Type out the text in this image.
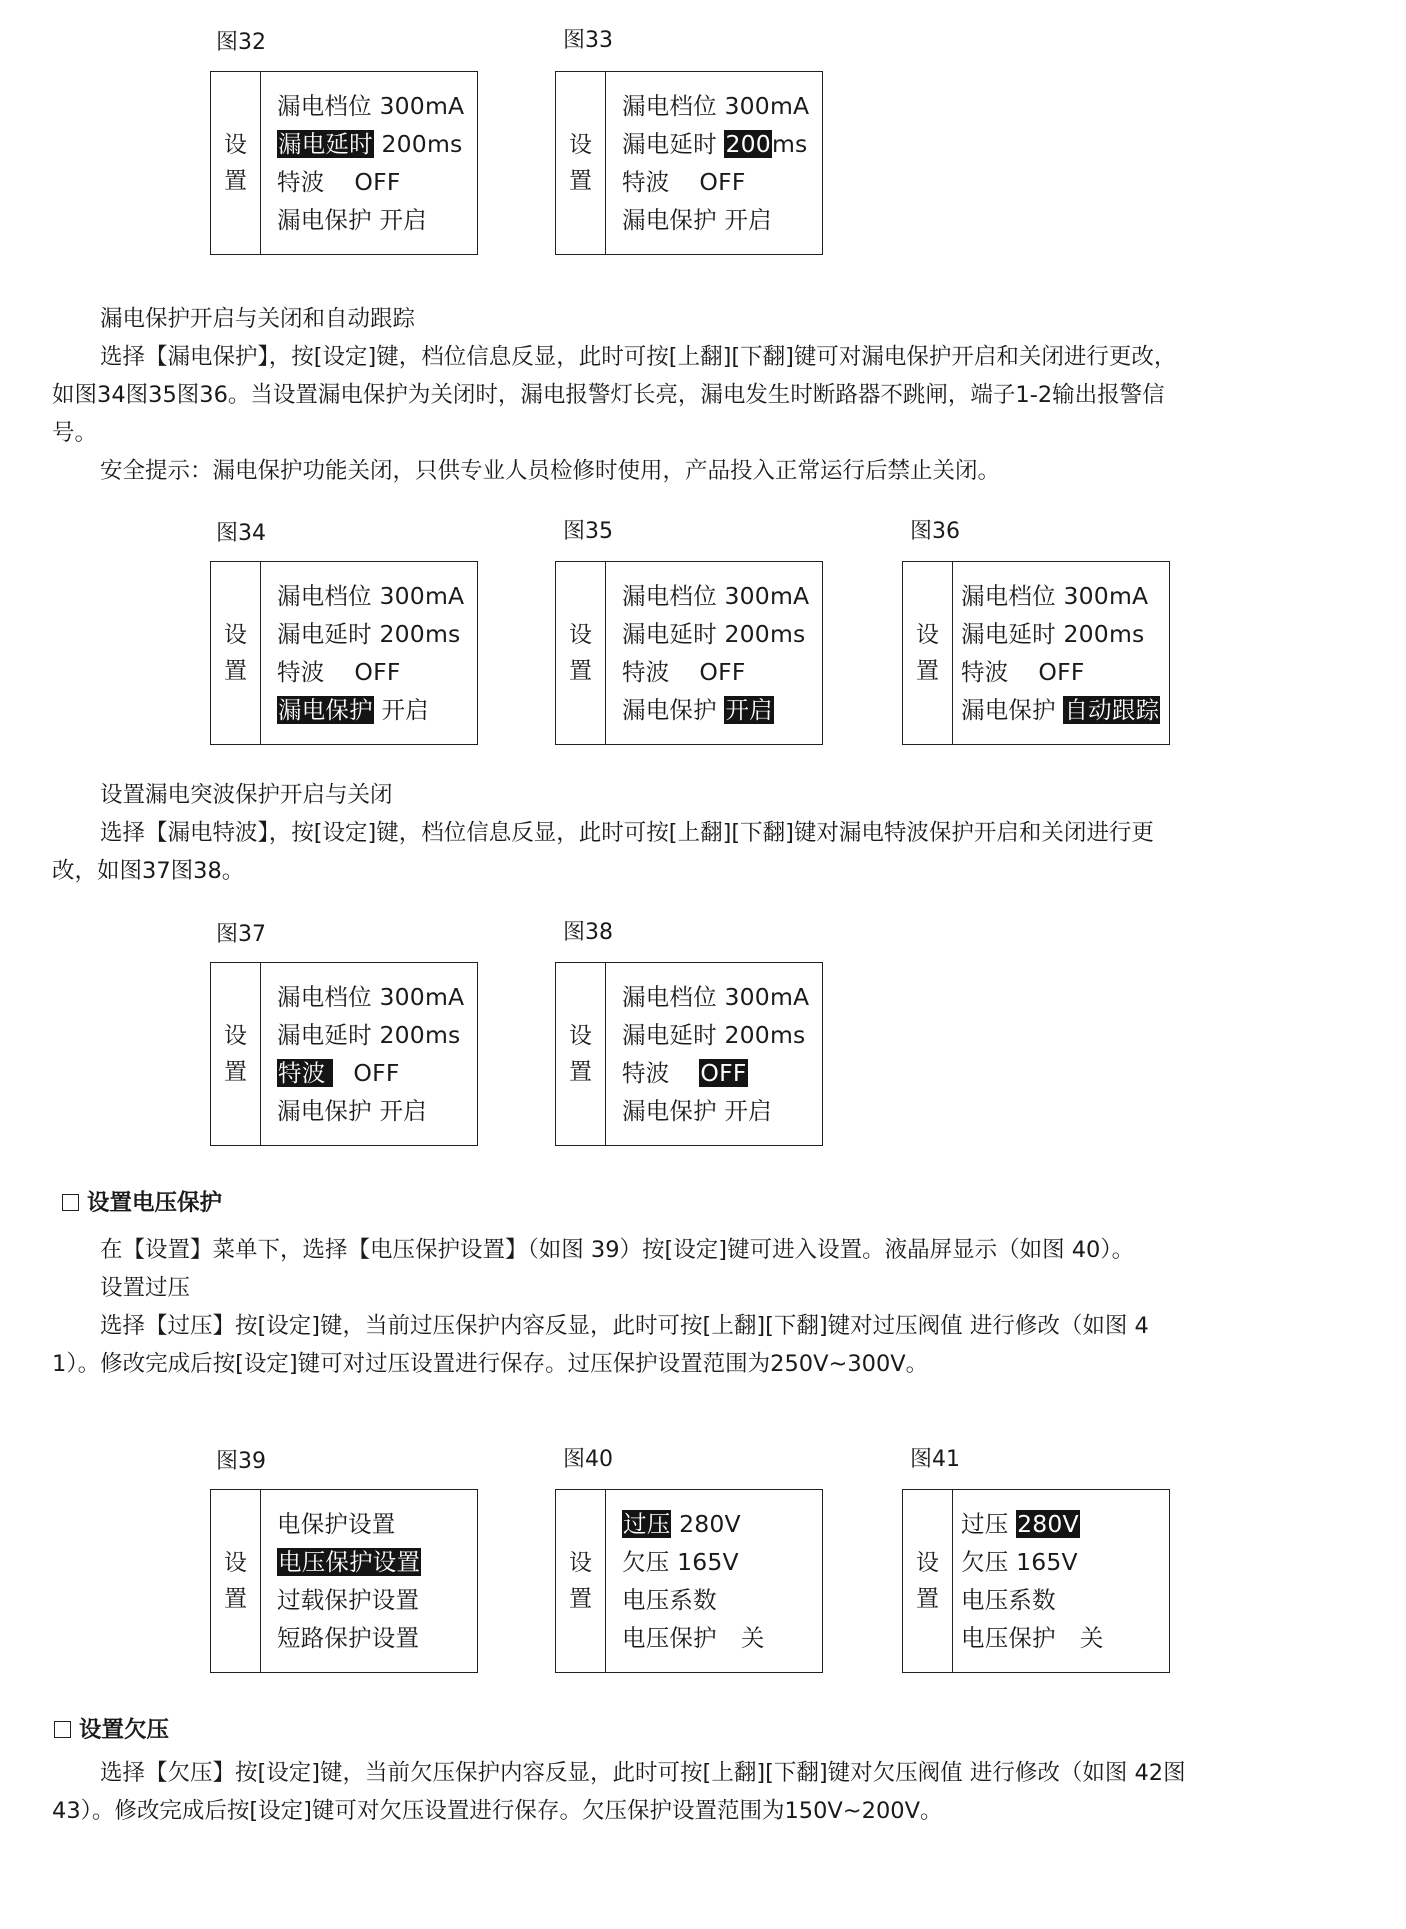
图32	图33
设
置
漏电档位 300mA
漏电延时 200ms
特波 OFF
漏电保护 开启
设
置
漏电档位 300mA
漏电延时 200ms
特波 OFF
漏电保护 开启
漏电保护开启与关闭和自动跟踪
选择【漏电保护】，按[设定]键，档位信息反显，此时可按[上翻][下翻]键可对漏电保护开启和关闭进行更改，
如图34图35图36。当设置漏电保护为关闭时，漏电报警灯长亮，漏电发生时断路器不跳闸，端子1-2输出报警信
号。
安全提示：漏电保护功能关闭，只供专业人员检修时使用，产品投入正常运行后禁止关闭。
图34	图35	图36
设
置
漏电档位 300mA
漏电延时 200ms
特波 OFF
漏电保护 开启
设
置
漏电档位 300mA
漏电延时 200ms
特波 OFF
漏电保护 开启
设
置
漏电档位 300mA
漏电延时 200ms
特波 OFF
漏电保护 自动跟踪
设置漏电突波保护开启与关闭
选择【漏电特波】，按[设定]键，档位信息反显，此时可按[上翻][下翻]键对漏电特波保护开启和关闭进行更
改，如图37图38。
图37	图38
设
置
漏电档位 300mA
漏电延时 200ms
特波 OFF
漏电保护 开启
设
置
漏电档位 300mA
漏电延时 200ms
特波 OFF
漏电保护 开启
设置电压保护
在【设置】菜单下，选择【电压保护设置】（如图 39）按[设定]键可进入设置。液晶屏显示（如图 40）。
设置过压
选择【过压】按[设定]键，当前过压保护内容反显，此时可按[上翻][下翻]键对过压阀值 进行修改（如图 4
1）。修改完成后按[设定]键可对过压设置进行保存。过压保护设置范围为250V~300V。
图39	图40	图41
设
置
电保护设置
电压保护设置
过载保护设置
短路保护设置
设
置
过压 280V
欠压 165V
电压系数
电压保护 关
设
置
过压 280V
欠压 165V
电压系数
电压保护 关
设置欠压
选择【欠压】按[设定]键，当前欠压保护内容反显，此时可按[上翻][下翻]键对欠压阀值 进行修改（如图 42图
43）。修改完成后按[设定]键可对欠压设置进行保存。欠压保护设置范围为150V~200V。
